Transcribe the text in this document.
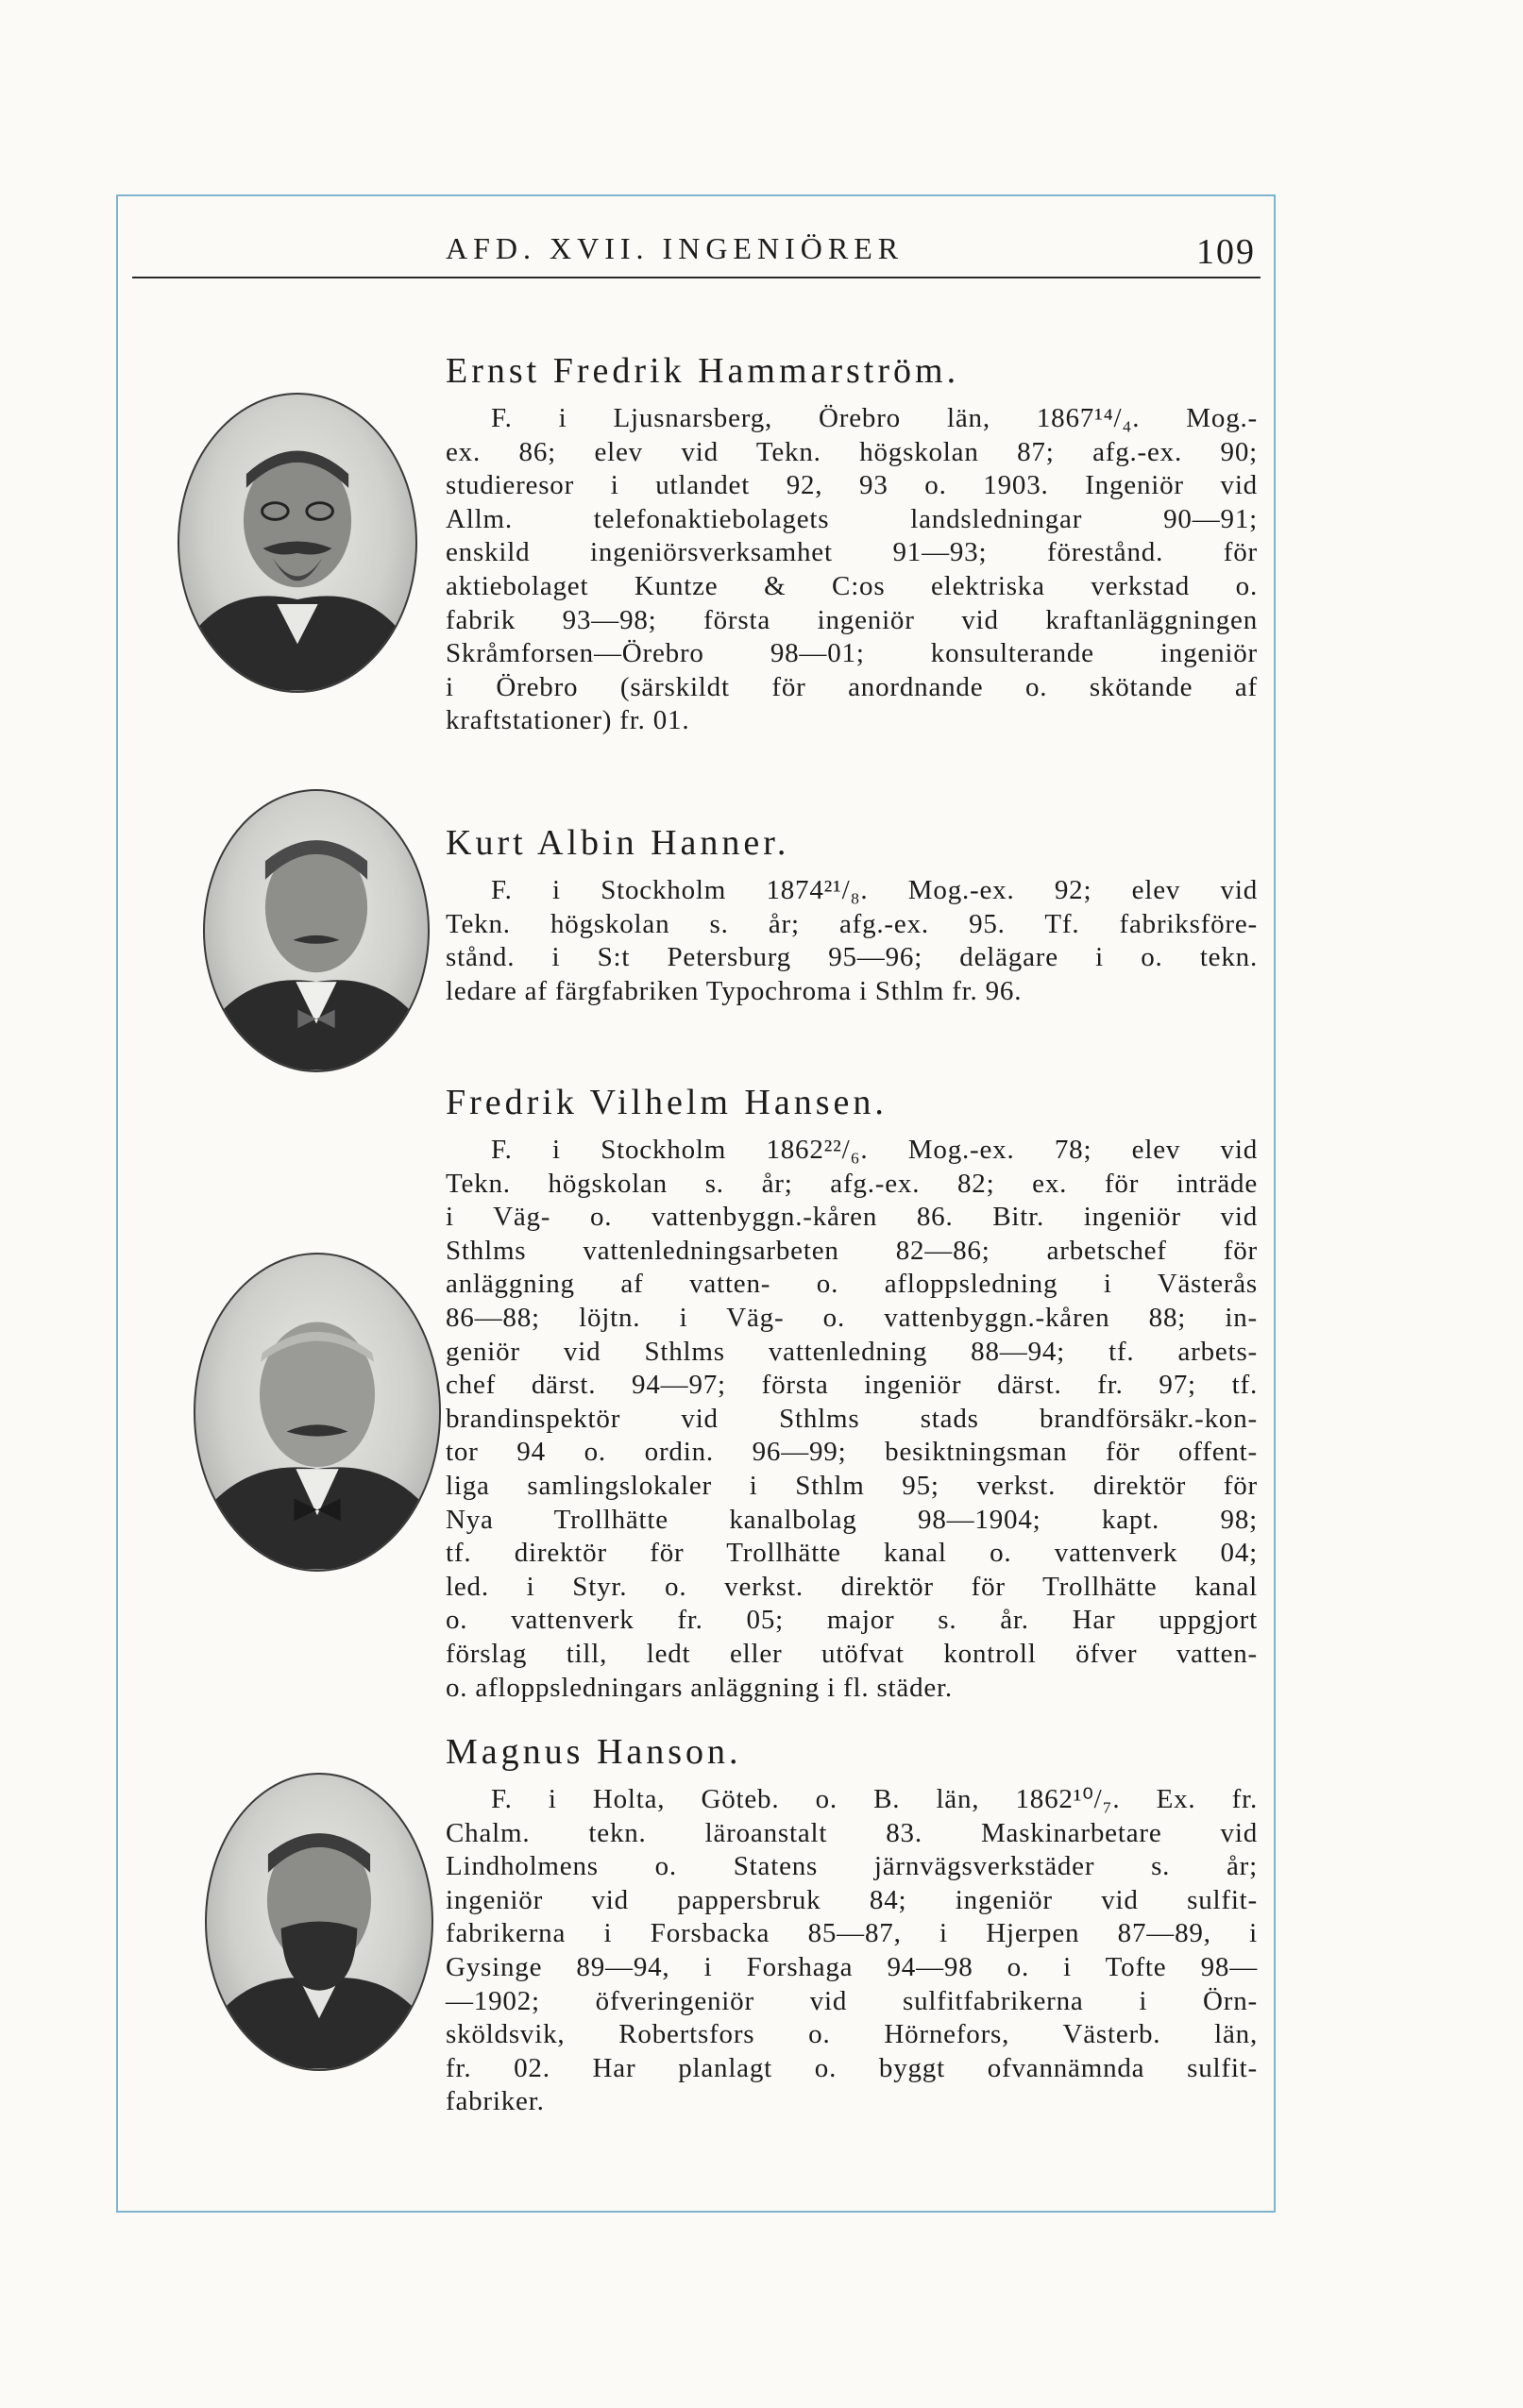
AFD. XVII. INGENIÖRER	109
Ernst Fredrik Hammarström.
F. i Ljusnarsberg, Örebro län, 1867¹⁴/₄. Mog.-
ex. 86; elev vid Tekn. högskolan 87; afg.-ex. 90;
studieresor i utlandet 92, 93 o. 1903. Ingeniör vid
Allm. telefonaktiebolagets landsledningar 90—91;
enskild ingeniörsverksamhet 91—93; förestånd. för
aktiebolaget Kuntze & C:os elektriska verkstad o.
fabrik 93—98; första ingeniör vid kraftanläggningen
Skråmforsen—Örebro 98—01; konsulterande ingeniör
i Örebro (särskildt för anordnande o. skötande af
kraftstationer) fr. 01.
Kurt Albin Hanner.
F. i Stockholm 1874²¹/₈. Mog.-ex. 92; elev vid
Tekn. högskolan s. år; afg.-ex. 95. Tf. fabriksföre-
stånd. i S:t Petersburg 95—96; delägare i o. tekn.
ledare af färgfabriken Typochroma i Sthlm fr. 96.
Fredrik Vilhelm Hansen.
F. i Stockholm 1862²²/₆. Mog.-ex. 78; elev vid
Tekn. högskolan s. år; afg.-ex. 82; ex. för inträde
i Väg- o. vattenbyggn.-kåren 86. Bitr. ingeniör vid
Sthlms vattenledningsarbeten 82—86; arbetschef för
anläggning af vatten- o. afloppsledning i Västerås
86—88; löjtn. i Väg- o. vattenbyggn.-kåren 88; in-
geniör vid Sthlms vattenledning 88—94; tf. arbets-
chef därst. 94—97; första ingeniör därst. fr. 97; tf.
brandinspektör vid Sthlms stads brandförsäkr.-kon-
tor 94 o. ordin. 96—99; besiktningsman för offent-
liga samlingslokaler i Sthlm 95; verkst. direktör för
Nya Trollhätte kanalbolag 98—1904; kapt. 98;
tf. direktör för Trollhätte kanal o. vattenverk 04;
led. i Styr. o. verkst. direktör för Trollhätte kanal
o. vattenverk fr. 05; major s. år. Har uppgjort
förslag till, ledt eller utöfvat kontroll öfver vatten-
o. afloppsledningars anläggning i fl. städer.
Magnus Hanson.
F. i Holta, Göteb. o. B. län, 1862¹⁰/₇. Ex. fr.
Chalm. tekn. läroanstalt 83. Maskinarbetare vid
Lindholmens o. Statens järnvägsverkstäder s. år;
ingeniör vid pappersbruk 84; ingeniör vid sulfit-
fabrikerna i Forsbacka 85—87, i Hjerpen 87—89, i
Gysinge 89—94, i Forshaga 94—98 o. i Tofte 98—
—1902; öfveringeniör vid sulfitfabrikerna i Örn-
sköldsvik, Robertsfors o. Hörnefors, Västerb. län,
fr. 02. Har planlagt o. byggt ofvannämnda sulfit-
fabriker.
